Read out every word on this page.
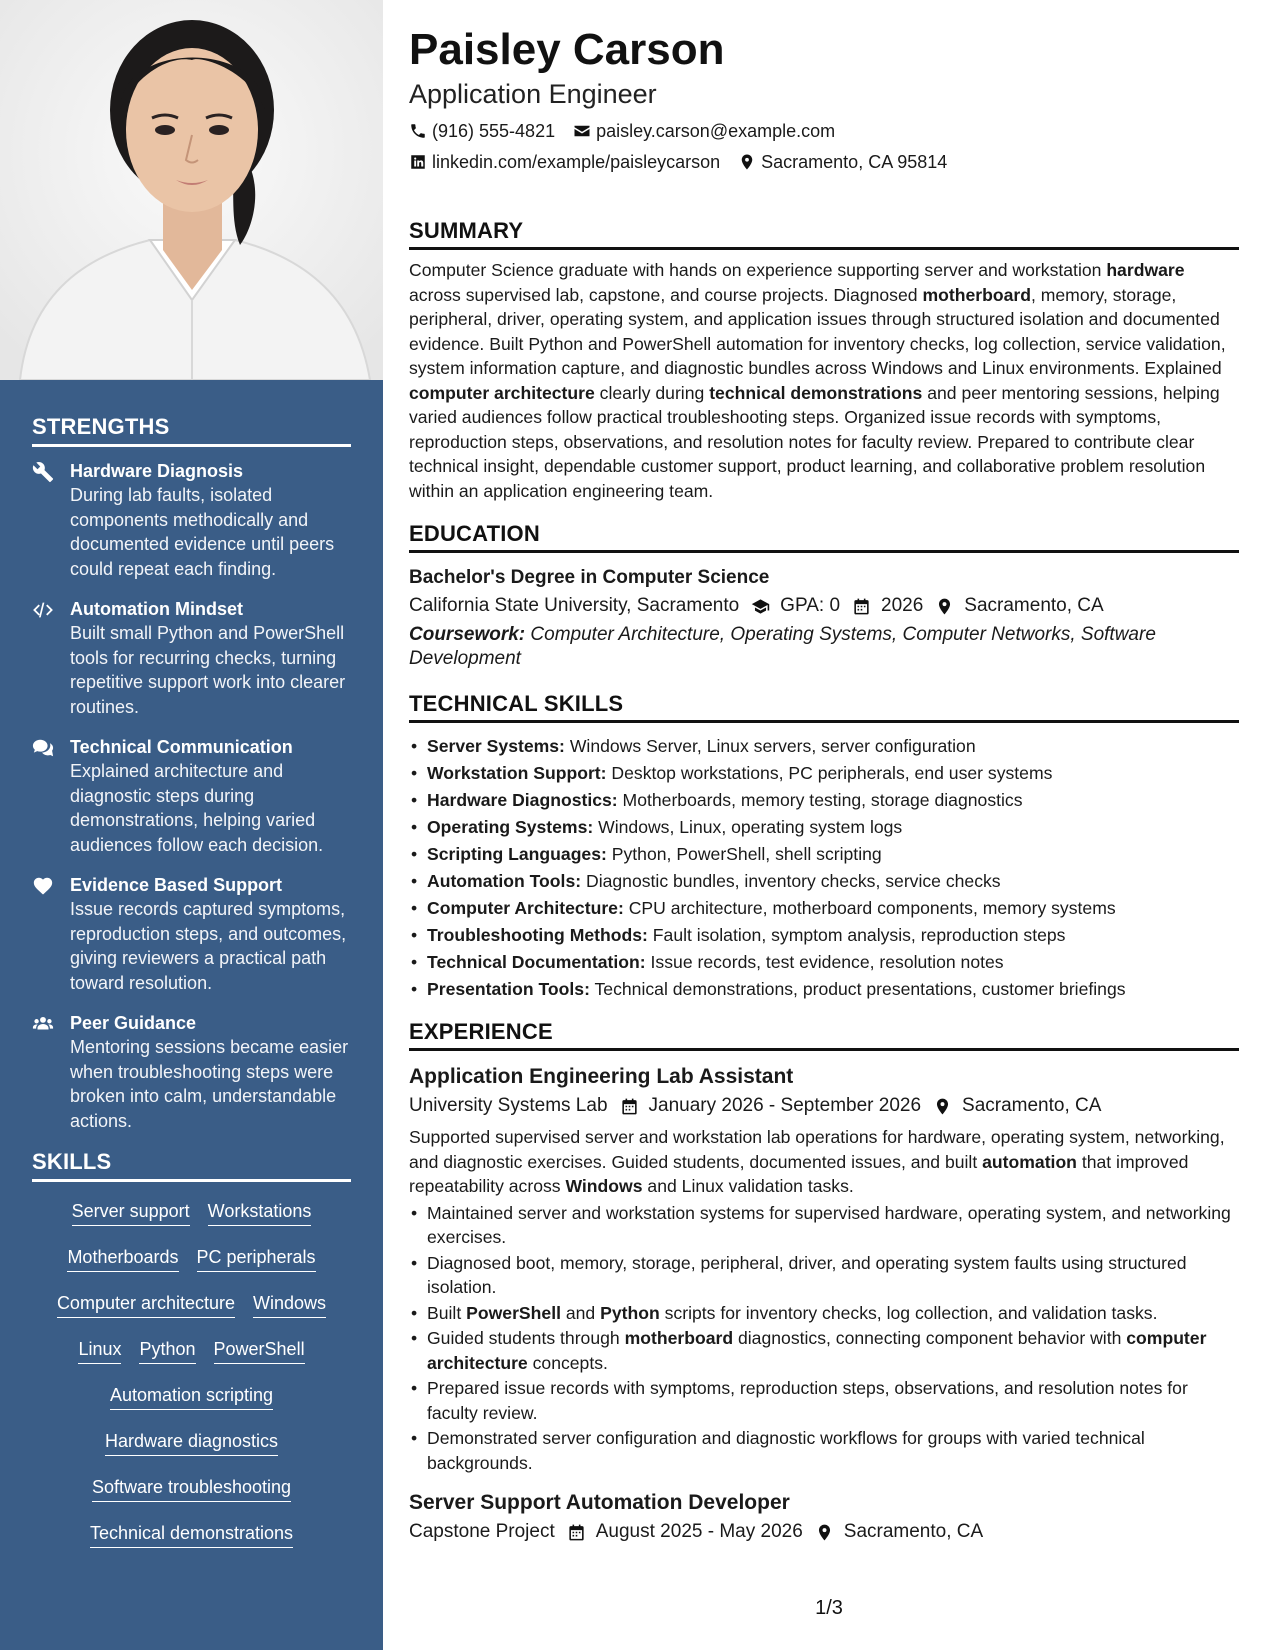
STRENGTHS
Hardware Diagnosis
During lab faults, isolated components methodically and documented evidence until peers could repeat each finding.
Automation Mindset
Built small Python and PowerShell tools for recurring checks, turning repetitive support work into clearer routines.
Technical Communication
Explained architecture and diagnostic steps during demonstrations, helping varied audiences follow each decision.
Evidence Based Support
Issue records captured symptoms, reproduction steps, and outcomes, giving reviewers a practical path toward resolution.
Peer Guidance
Mentoring sessions became easier when troubleshooting steps were broken into calm, understandable actions.
SKILLS
Server support Workstations
Motherboards PC peripherals
Computer architecture Windows
Linux Python PowerShell
Automation scripting
Hardware diagnostics
Software troubleshooting
Technical demonstrations
Paisley Carson
Application Engineer
(916) 555-4821 paisley.carson@example.com
linkedin.com/example/paisleycarson Sacramento, CA 95814
SUMMARY

Computer Science graduate with hands on experience supporting server and workstation hardware across supervised lab, capstone, and course projects. Diagnosed motherboard, memory, storage, peripheral, driver, operating system, and application issues through structured isolation and documented evidence. Built Python and PowerShell automation for inventory checks, log collection, service validation, system information capture, and diagnostic bundles across Windows and Linux environments. Explained computer architecture clearly during technical demonstrations and peer mentoring sessions, helping varied audiences follow practical troubleshooting steps. Organized issue records with symptoms, reproduction steps, observations, and resolution notes for faculty review. Prepared to contribute clear technical insight, dependable customer support, product learning, and collaborative problem resolution within an application engineering team.

EDUCATION
Bachelor's Degree in Computer Science
California State University, Sacramento GPA: 0 2026 Sacramento, CA
Coursework: Computer Architecture, Operating Systems, Computer Networks, Software Development
TECHNICAL SKILLS
• Server Systems: Windows Server, Linux servers, server configuration
• Workstation Support: Desktop workstations, PC peripherals, end user systems
• Hardware Diagnostics: Motherboards, memory testing, storage diagnostics
• Operating Systems: Windows, Linux, operating system logs
• Scripting Languages: Python, PowerShell, shell scripting
• Automation Tools: Diagnostic bundles, inventory checks, service checks
• Computer Architecture: CPU architecture, motherboard components, memory systems
• Troubleshooting Methods: Fault isolation, symptom analysis, reproduction steps
• Technical Documentation: Issue records, test evidence, resolution notes
• Presentation Tools: Technical demonstrations, product presentations, customer briefings
EXPERIENCE
Application Engineering Lab Assistant
University Systems Lab January 2026 - September 2026 Sacramento, CA

Supported supervised server and workstation lab operations for hardware, operating system, networking, and diagnostic exercises. Guided students, documented issues, and built automation that improved repeatability across Windows and Linux validation tasks.

• Maintained server and workstation systems for supervised hardware, operating system, and networking exercises.
• Diagnosed boot, memory, storage, peripheral, driver, and operating system faults using structured isolation.
• Built PowerShell and Python scripts for inventory checks, log collection, and validation tasks.
• Guided students through motherboard diagnostics, connecting component behavior with computer architecture concepts.
• Prepared issue records with symptoms, reproduction steps, observations, and resolution notes for faculty review.
• Demonstrated server configuration and diagnostic workflows for groups with varied technical backgrounds.
Server Support Automation Developer
Capstone Project August 2025 - May 2026 Sacramento, CA
1/3
